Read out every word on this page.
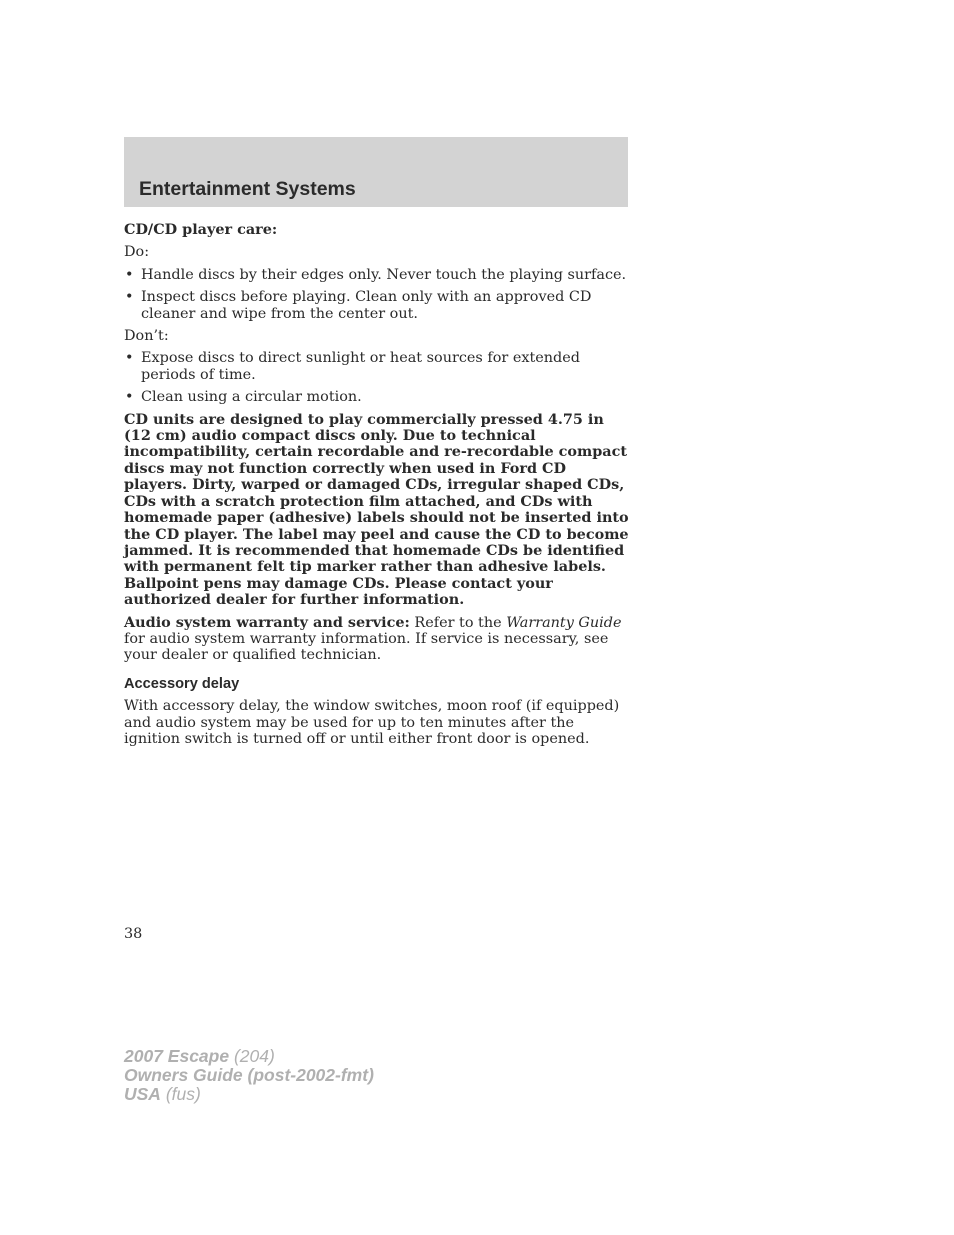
Entertainment Systems

CD/CD player care:

Do:

• Handle discs by their edges only. Never touch the playing surface.
• Inspect discs before playing. Clean only with an approved CD cleaner and wipe from the center out.

Don’t:

• Expose discs to direct sunlight or heat sources for extended periods of time.
• Clean using a circular motion.

CD units are designed to play commercially pressed 4.75 in (12 cm) audio compact discs only. Due to technical incompatibility, certain recordable and re-recordable compact discs may not function correctly when used in Ford CD players. Dirty, warped or damaged CDs, irregular shaped CDs, CDs with a scratch protection film attached, and CDs with homemade paper (adhesive) labels should not be inserted into the CD player. The label may peel and cause the CD to become jammed. It is recommended that homemade CDs be identified with permanent felt tip marker rather than adhesive labels. Ballpoint pens may damage CDs. Please contact your authorized dealer for further information.

Audio system warranty and service: Refer to the Warranty Guide for audio system warranty information. If service is necessary, see your dealer or qualified technician.

Accessory delay

With accessory delay, the window switches, moon roof (if equipped) and audio system may be used for up to ten minutes after the ignition switch is turned off or until either front door is opened.

38
2007 Escape (204)
Owners Guide (post-2002-fmt)
USA (fus)
